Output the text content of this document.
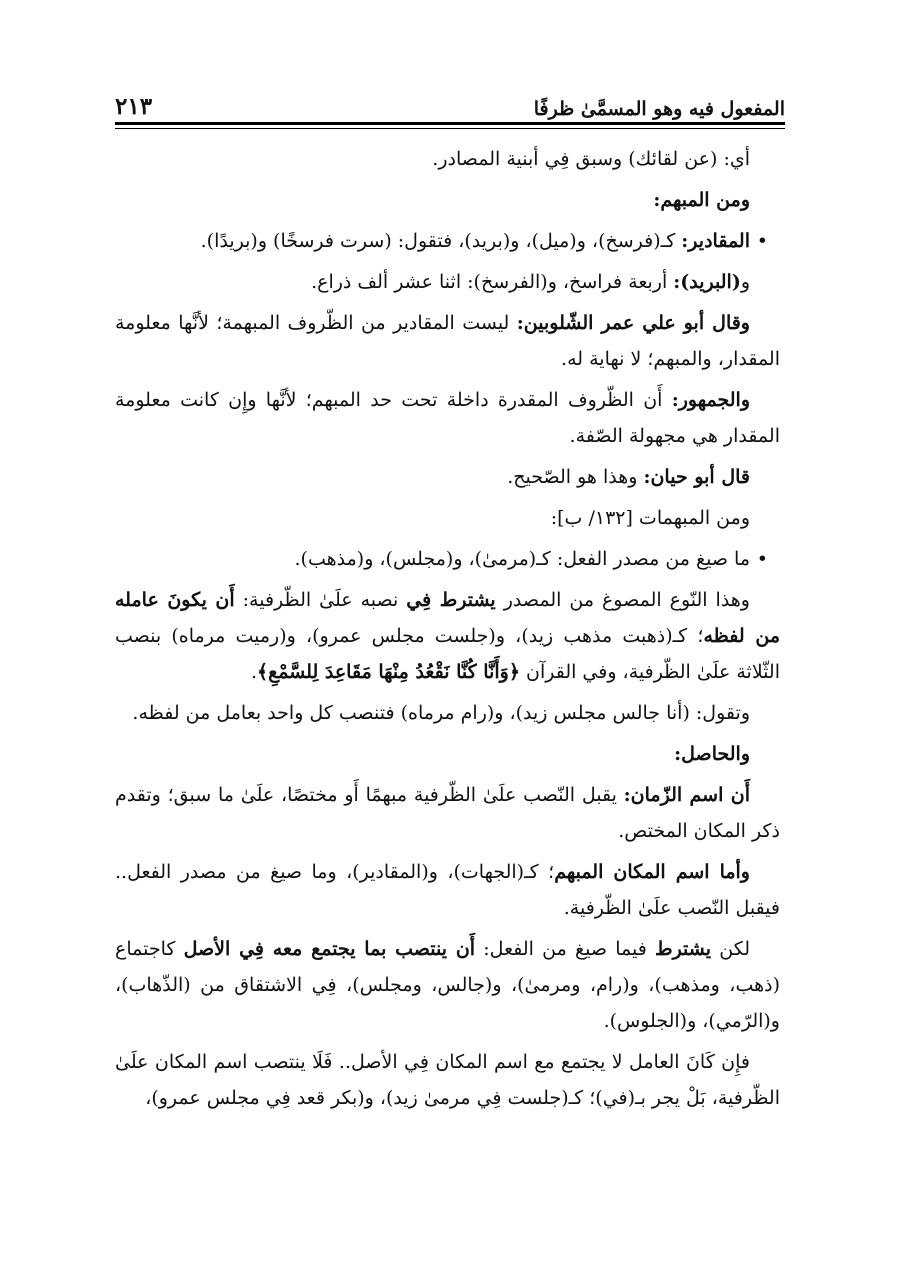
المفعول فيه وهو المسمَّىٰ ظرفًا
٢١٣

أي: (عن لقائك) وسبق فِي أبنية المصادر.

ومن المبهم:

•المقادير: كـ(فرسخ)، و(ميل)، و(بريد)، فتقول: (سرت فرسخًا) و(بريدًا).

و(البريد): أربعة فراسخ، و(الفرسخ): اثنا عشر ألف ذراع.

وقال أبو علي عمر الشّلوبين: ليست المقادير من الظّروف المبهمة؛ لأنَّها معلومة المقدار، والمبهم؛ لا نهاية له.

والجمهور: أَن الظّروف المقدرة داخلة تحت حد المبهم؛ لأنَّها وإِن كانت معلومة المقدار هي مجهولة الصّفة.

قال أبو حيان: وهذا هو الصّحيح.

ومن المبهمات [١٣٢/ ب]:

•ما صيغ من مصدر الفعل: كـ(مرمىٰ)، و(مجلس)، و(مذهب).

وهذا النّوع المصوغ من المصدر يشترط فِي نصبه علَىٰ الظّرفية: أَن يكونَ عامله من لفظه؛ كـ(ذهبت مذهب زيد)، و(جلست مجلس عمرو)، و(رميت مرماه) بنصب الثّلاثة علَىٰ الظّرفية، وفي القرآن ﴿وَأَنَّا كُنَّا نَقْعُدُ مِنْهَا مَقَاعِدَ لِلسَّمْعِ﴾.

وتقول: (أنا جالس مجلس زيد)، و(رام مرماه) فتنصب كل واحد بعامل من لفظه.

والحاصل:

أَن اسم الزّمان: يقبل النّصب علَىٰ الظّرفية مبهمًا أَو مختصًا، علَىٰ ما سبق؛ وتقدم ذكر المكان المختص.

وأما اسم المكان المبهم؛ كـ(الجهات)، و(المقادير)، وما صيغ من مصدر الفعل.. فيقبل النّصب علَىٰ الظّرفية.

لكن يشترط فيما صيغ من الفعل: أَن ينتصب بما يجتمع معه فِي الأصل كاجتماع (ذهب، ومذهب)، و(رام، ومرمىٰ)، و(جالس، ومجلس)، فِي الاشتقاق من (الذّهاب)، و(الرّمي)، و(الجلوس).

فإِن كَانَ العامل لا يجتمع مع اسم المكان فِي الأصل.. فَلَا ينتصب اسم المكان علَىٰ الظّرفية، بَلْ يجر بـ(في)؛ كـ(جلست فِي مرمىٰ زيد)، و(بكر قعد فِي مجلس عمرو)،
